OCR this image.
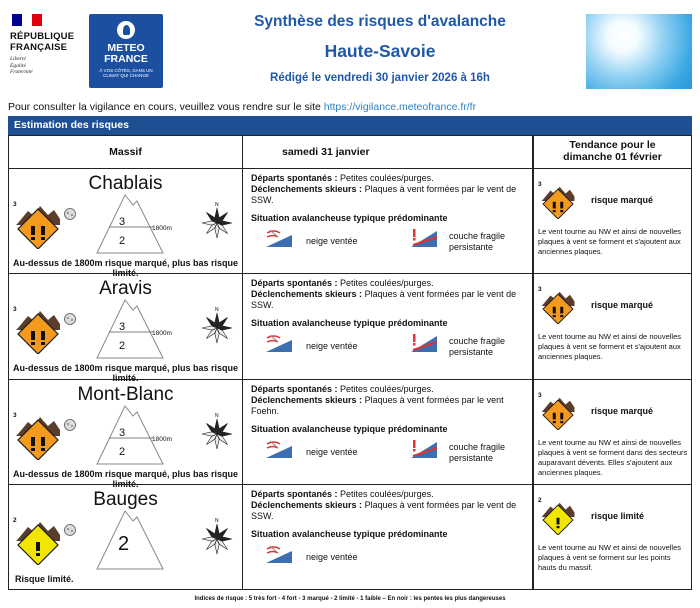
RÉPUBLIQUE
FRANÇAISE
Liberté
Égalité
Fraternité
METEO
FRANCE
À VOS CÔTÉS, DANS UN CLIMAT QUI CHANGE
Synthèse des risques d'avalanche
Haute-Savoie
Rédigé le vendredi 30 janvier 2026 à 16h
Pour consulter la vigilance en cours, veuillez vous rendre sur le site https://vigilance.meteofrance.fr/fr
Estimation des risques
Massif	samedi 31 janvier
Tendance pour le
dimanche 01 février
Chablais
3
3
2
1800m
N
Au-dessus de 1800m risque marqué, plus bas risque limité.
Départs spontanés : Petites coulées/purges.
Déclenchements skieurs : Plaques à vent formées par le vent de SSW.
Situation avalancheuse typique prédominante
neige ventée	couche fragile persistante
3
risque marqué
Le vent tourne au NW et ainsi de nouvelles plaques à vent se forment et s'ajoutent aux anciennes plaques.
Aravis
3
3
2
1800m
N
Au-dessus de 1800m risque marqué, plus bas risque limité.
Départs spontanés : Petites coulées/purges.
Déclenchements skieurs : Plaques à vent formées par le vent de SSW.
Situation avalancheuse typique prédominante
neige ventée	couche fragile persistante
3
risque marqué
Le vent tourne au NW et ainsi de nouvelles plaques à vent se forment et s'ajoutent aux anciennes plaques.
Mont-Blanc
3
3
2
1800m
N
Au-dessus de 1800m risque marqué, plus bas risque limité.
Départs spontanés : Petites coulées/purges.
Déclenchements skieurs : Plaques à vent formées par le vent Foehn.
Situation avalancheuse typique prédominante
neige ventée	couche fragile persistante
3
risque marqué
Le vent tourne au NW et ainsi de nouvelles plaques à vent se forment dans des secteurs auparavant dévents. Elles s'ajoutent aux anciennes plaques.
Bauges
2
2
N
Risque limité.
Départs spontanés : Petites coulées/purges.
Déclenchements skieurs : Plaques à vent formées par le vent de SSW.
Situation avalancheuse typique prédominante
neige ventée
2
risque limité
Le vent tourne au NW et ainsi de nouvelles plaques à vent se forment sur les points hauts du massif.
Indices de risque : 5 très fort - 4 fort - 3 marqué - 2 limité - 1 faible – En noir : les pentes les plus dangereuses
